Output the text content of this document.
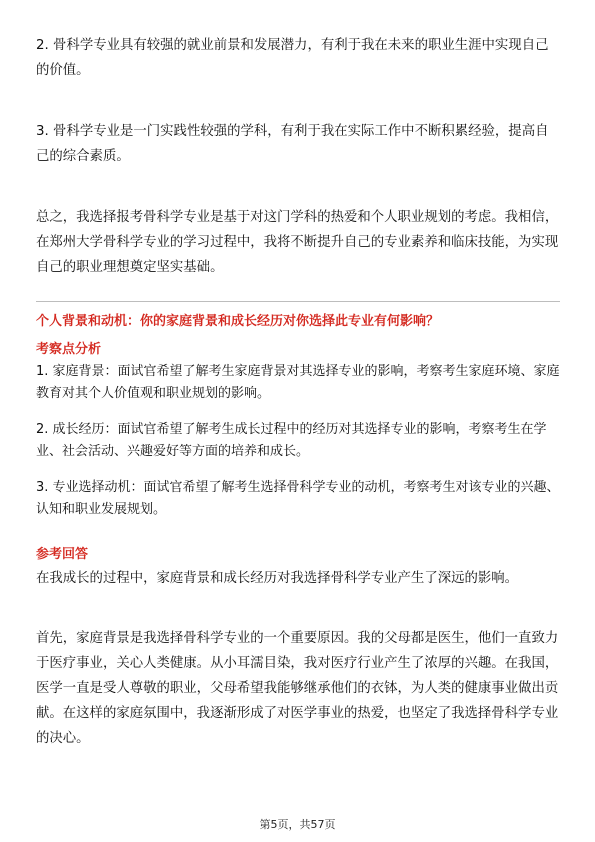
2. 骨科学专业具有较强的就业前景和发展潜力，有利于我在未来的职业生涯中实现自己的价值。

3. 骨科学专业是一门实践性较强的学科，有利于我在实际工作中不断积累经验，提高自己的综合素质。

总之，我选择报考骨科学专业是基于对这门学科的热爱和个人职业规划的考虑。我相信，在郑州大学骨科学专业的学习过程中，我将不断提升自己的专业素养和临床技能，为实现自己的职业理想奠定坚实基础。

个人背景和动机：你的家庭背景和成长经历对你选择此专业有何影响？

考察点分析

1. 家庭背景：面试官希望了解考生家庭背景对其选择专业的影响，考察考生家庭环境、家庭教育对其个人价值观和职业规划的影响。

2. 成长经历：面试官希望了解考生成长过程中的经历对其选择专业的影响，考察考生在学业、社会活动、兴趣爱好等方面的培养和成长。

3. 专业选择动机：面试官希望了解考生选择骨科学专业的动机，考察考生对该专业的兴趣、认知和职业发展规划。

参考回答

在我成长的过程中，家庭背景和成长经历对我选择骨科学专业产生了深远的影响。

首先，家庭背景是我选择骨科学专业的一个重要原因。我的父母都是医生，他们一直致力于医疗事业，关心人类健康。从小耳濡目染，我对医疗行业产生了浓厚的兴趣。在我国，医学一直是受人尊敬的职业，父母希望我能够继承他们的衣钵，为人类的健康事业做出贡献。在这样的家庭氛围中，我逐渐形成了对医学事业的热爱，也坚定了我选择骨科学专业的决心。

第5页，共57页
